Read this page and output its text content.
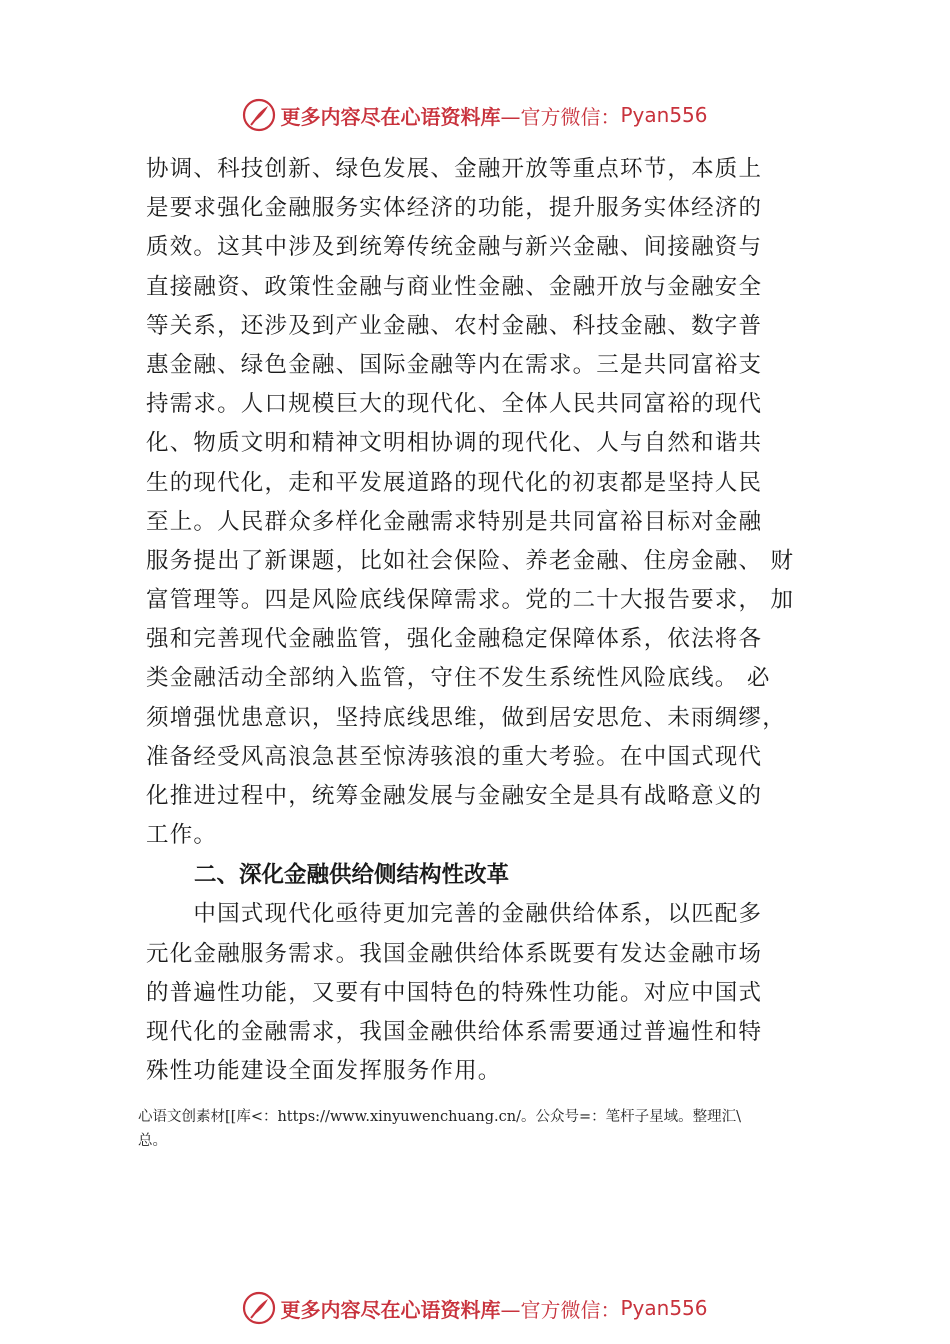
更多内容尽在心语资料库 —官方微信： Pyan556
协调、科技创新、绿色发展、金融开放等重点环节，本质上
是要求强化金融服务实体经济的功能，提升服务实体经济的
质效。这其中涉及到统筹传统金融与新兴金融、间接融资与
直接融资、政策性金融与商业性金融、金融开放与金融安全
等关系，还涉及到产业金融、农村金融、科技金融、数字普
惠金融、绿色金融、国际金融等内在需求。三是共同富裕支
持需求。人口规模巨大的现代化、全体人民共同富裕的现代
化、物质文明和精神文明相协调的现代化、人与自然和谐共
生的现代化，走和平发展道路的现代化的初衷都是坚持人民
至上。人民群众多样化金融需求特别是共同富裕目标对金融
服务提出了新课题，比如社会保险、养老金融、住房金融、 财
富管理等。四是风险底线保障需求。党的二十大报告要求， 加
强和完善现代金融监管，强化金融稳定保障体系，依法将各
类金融活动全部纳入监管，守住不发生系统性风险底线。 必
须增强忧患意识，坚持底线思维，做到居安思危、未雨绸缪，
准备经受风高浪急甚至惊涛骇浪的重大考验。在中国式现代
化推进过程中，统筹金融发展与金融安全是具有战略意义的
工作。
二、深化金融供给侧结构性改革
　　中国式现代化亟待更加完善的金融供给体系，以匹配多
元化金融服务需求。我国金融供给体系既要有发达金融市场
的普遍性功能，又要有中国特色的特殊性功能。对应中国式
现代化的金融需求，我国金融供给体系需要通过普遍性和特
殊性功能建设全面发挥服务作用。
心语文创素材[[库<：https://www.xinyuwenchuang.cn/。公众号=：笔杆子星域。整理汇\
总。
更多内容尽在心语资料库 —官方微信： Pyan556
